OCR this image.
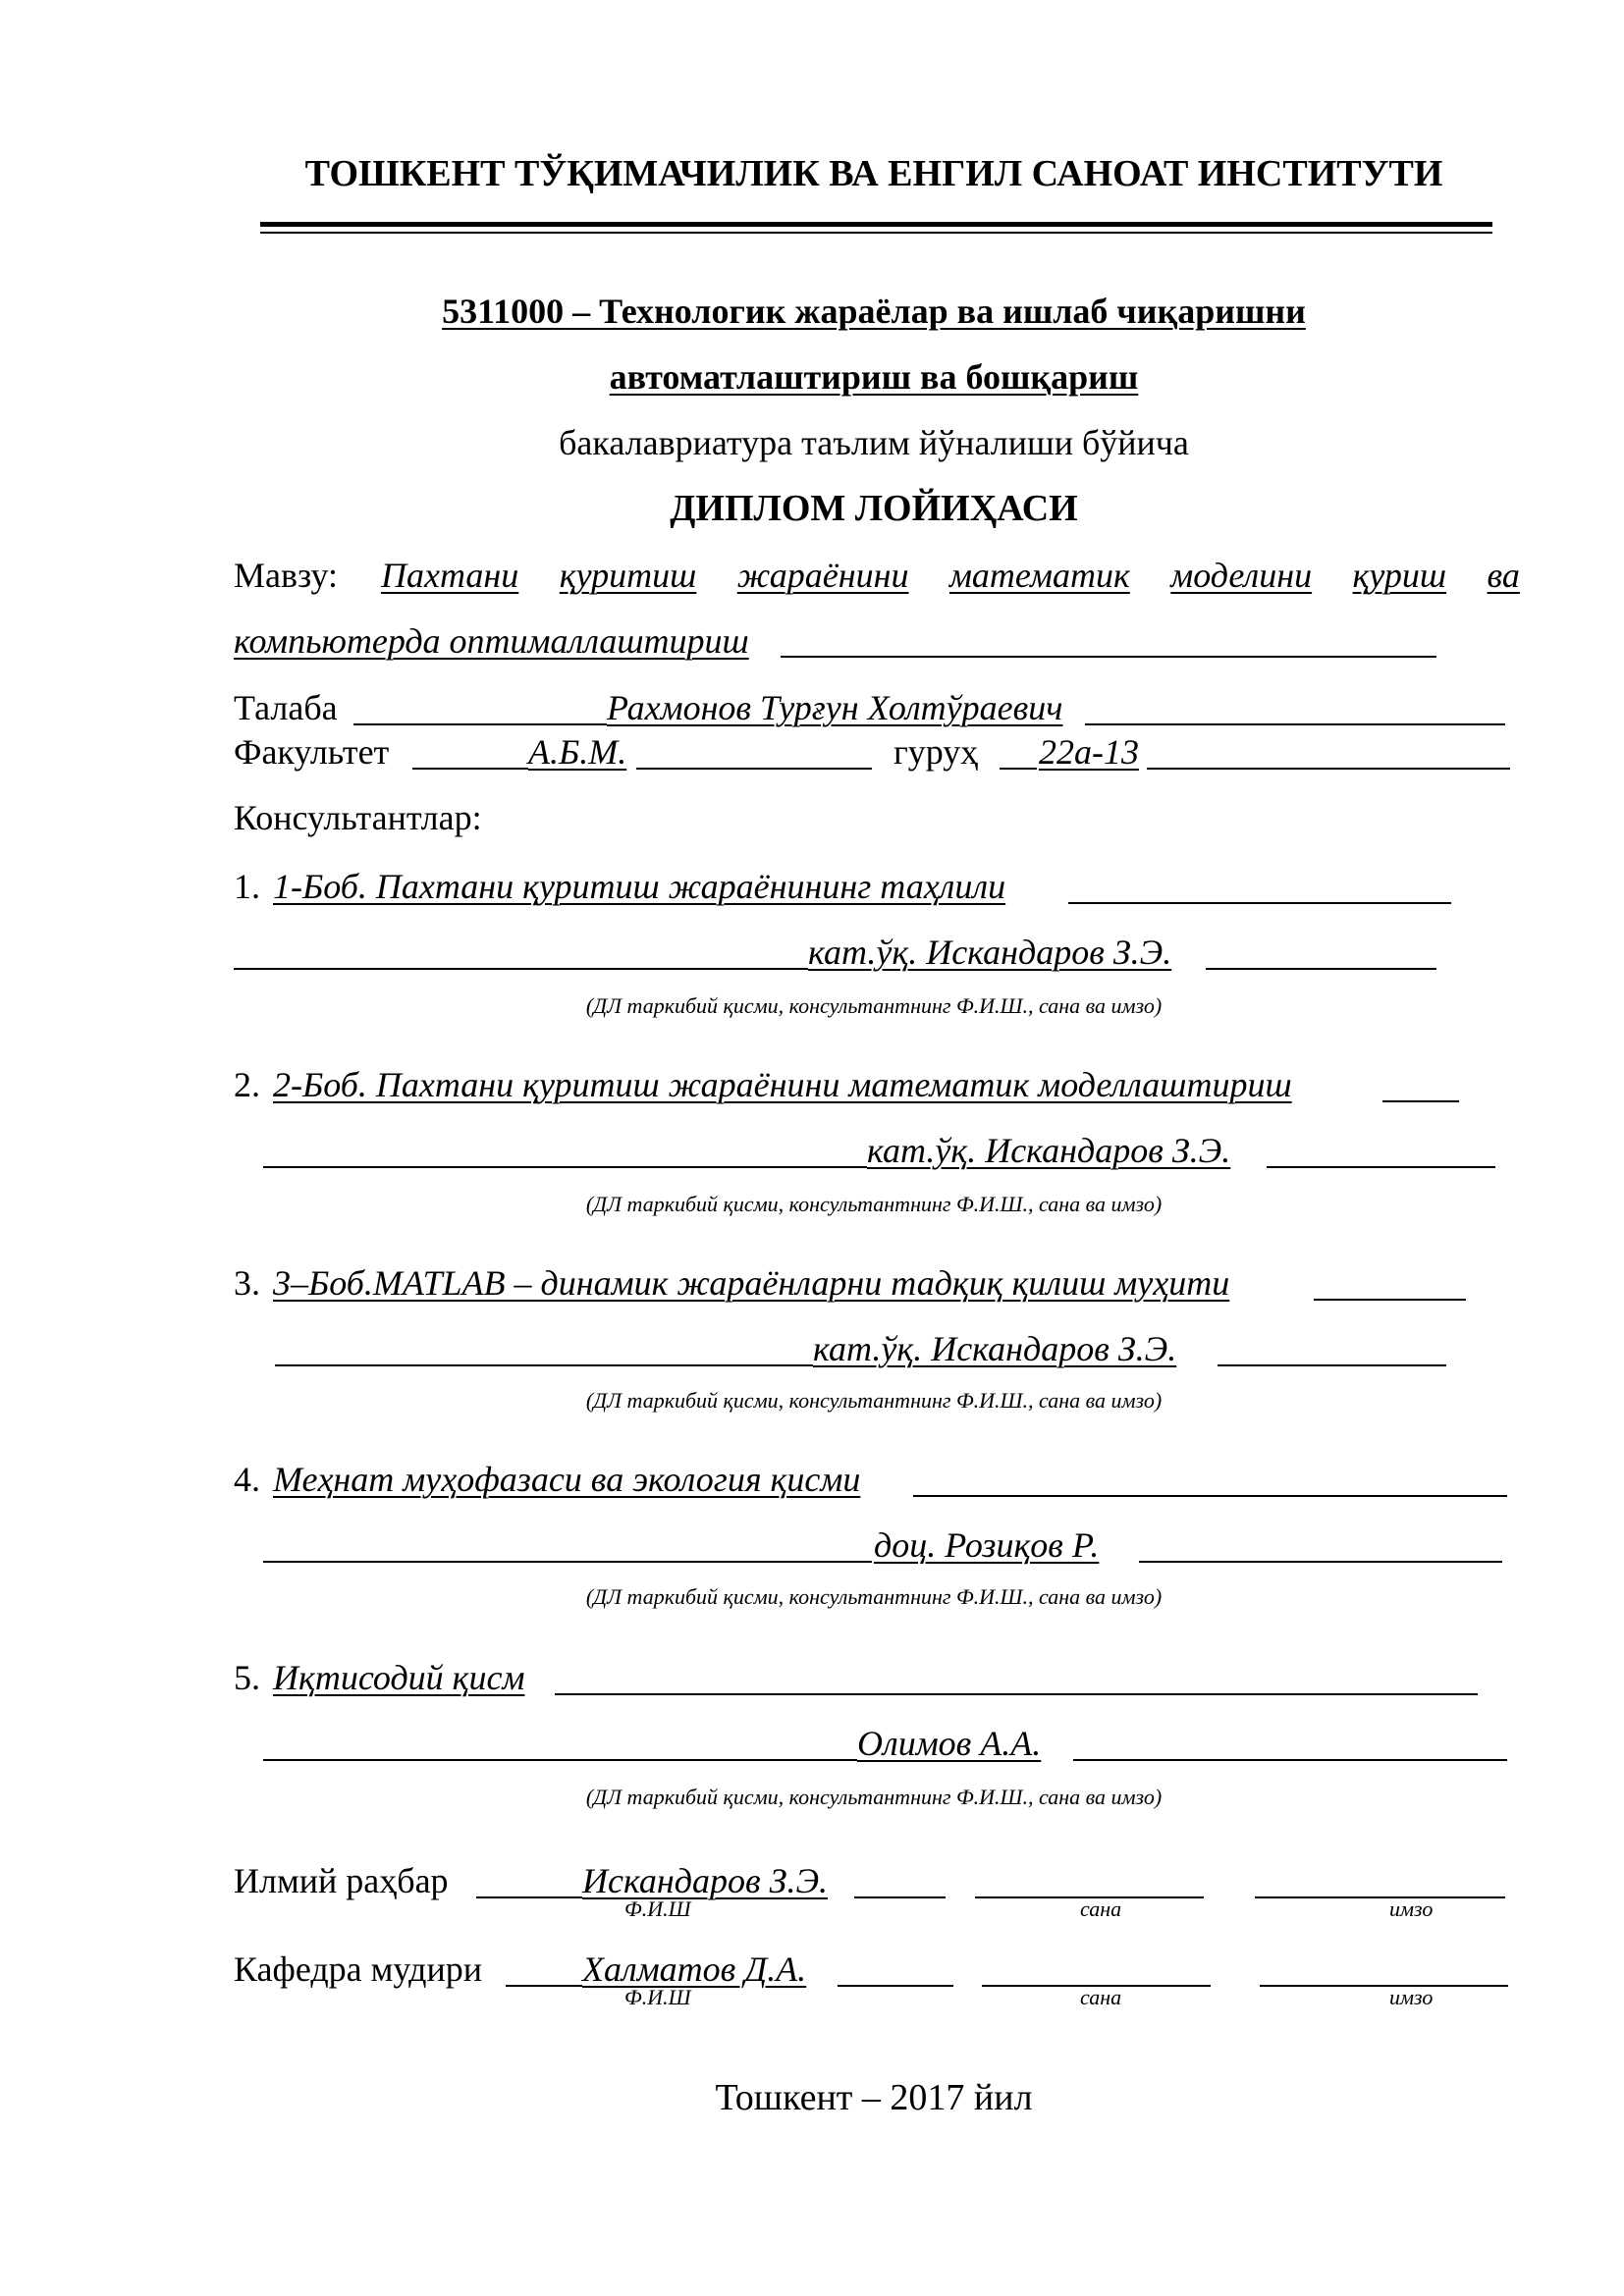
ТОШКЕНТ ТЎҚИМАЧИЛИК ВА ЕНГИЛ САНОАТ ИНСТИТУТИ
5311000 – Технологик жараёлар ва ишлаб чиқаришни
автоматлаштириш ва бошқариш
бакалавриатура таълим йўналиши бўйича
ДИПЛОМ ЛОЙИҲАСИ
Мавзу: Пахтани қуритиш жараёнини математик моделини қуриш ва
компьютерда оптималлаштириш
Талаба	Рахмонов Турғун Холтўраевич
Факультет	А.Б.М.	гуруҳ 22а-13
Консультантлар:
1. 1-Боб. Пахтани қуритиш жараёнининг таҳлили
кат.ўқ. Искандаров З.Э.
(ДЛ таркибий қисми, консультантнинг Ф.И.Ш., сана ва имзо)
2. 2-Боб. Пахтани қуритиш жараёнини математик моделлаштириш
кат.ўқ. Искандаров З.Э.
(ДЛ таркибий қисми, консультантнинг Ф.И.Ш., сана ва имзо)
3. 3–Боб.MATLAB – динамик жараёнларни тадқиқ қилиш муҳити
кат.ўқ. Искандаров З.Э.
(ДЛ таркибий қисми, консультантнинг Ф.И.Ш., сана ва имзо)
4. Меҳнат муҳофазаси ва экология қисми
доц. Розиқов Р.
(ДЛ таркибий қисми, консультантнинг Ф.И.Ш., сана ва имзо)
5. Иқтисодий қисм
Олимов А.А.
(ДЛ таркибий қисми, консультантнинг Ф.И.Ш., сана ва имзо)
Илмий раҳбар	Искандаров З.Э.
Ф.И.Ш	сана	имзо
Кафедра мудири	Халматов Д.А.
Ф.И.Ш	сана	имзо
Тошкент – 2017 йил
